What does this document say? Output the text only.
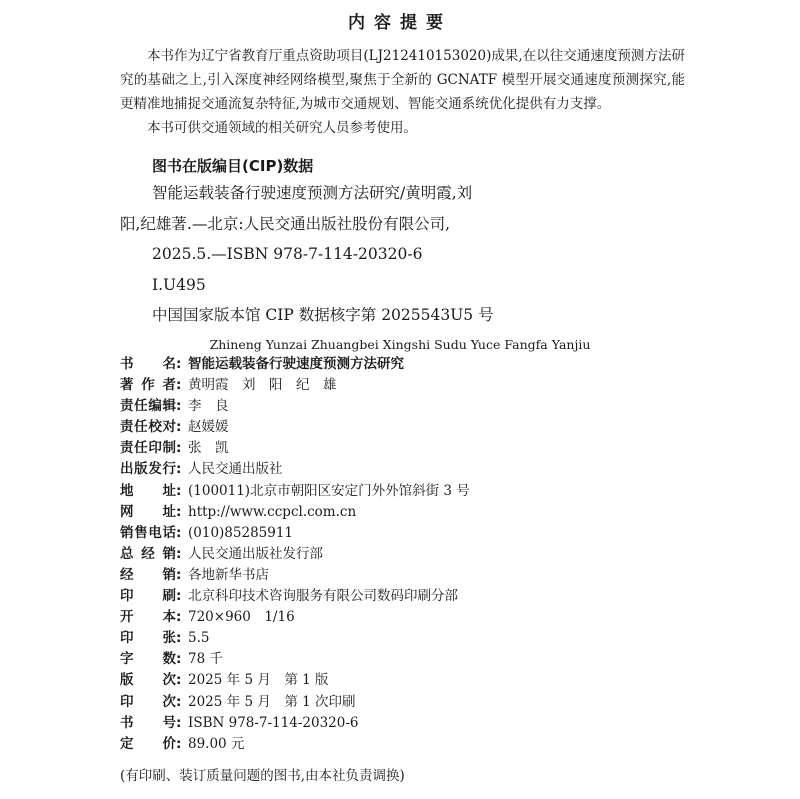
内容提要

本书作为辽宁省教育厅重点资助项目(LJ212410153020)成果,在以往交通速度预测方法研究的基础之上,引入深度神经网络模型,聚焦于全新的 GCNATF 模型开展交通速度预测探究,能更精准地捕捉交通流复杂特征,为城市交通规划、智能交通系统优化提供有力支撑。

本书可供交通领域的相关研究人员参考使用。

图书在版编目(CIP)数据
智能运载装备行驶速度预测方法研究/黄明霞,刘
阳,纪雄著.—北京:人民交通出版社股份有限公司,
2025.5.—ISBN 978-7-114-20320-6
Ⅰ.U495
中国国家版本馆 CIP 数据核字第 2025543U5 号
Zhineng Yunzai Zhuangbei Xingshi Sudu Yuce Fangfa Yanjiu
书名 : 智能运载装备行驶速度预测方法研究
著作者 : 黄明霞　刘　阳　纪　雄
责任编辑 : 李　良
责任校对 : 赵媛媛
责任印制 : 张　凯
出版发行 : 人民交通出版社
地址 : (100011)北京市朝阳区安定门外外馆斜街 3 号
网址 : http://www.ccpcl.com.cn
销售电话 : (010)85285911
总经销 : 人民交通出版社发行部
经销 : 各地新华书店
印刷 : 北京科印技术咨询服务有限公司数码印刷分部
开本 : 720×960　1/16
印张 : 5.5
字数 : 78 千
版次 : 2025 年 5 月　第 1 版
印次 : 2025 年 5 月　第 1 次印刷
书号 : ISBN 978-7-114-20320-6
定价 : 89.00 元
(有印刷、装订质量问题的图书,由本社负责调换)
